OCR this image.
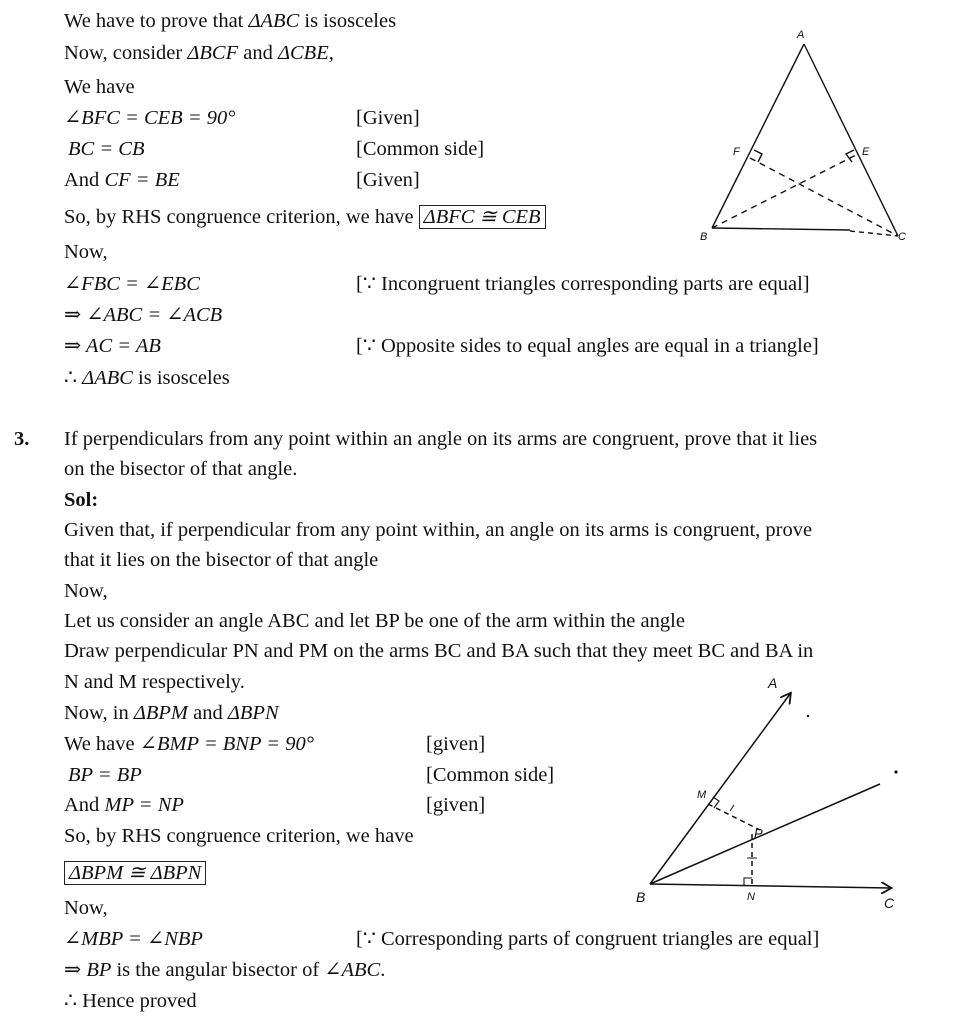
We have to prove that ΔABC is isosceles
Now, consider ΔBCF and ΔCBE,
We have
∠BFC = CEB = 90°	[Given]
BC = CB	[Common side]
And CF = BE	[Given]
So, by RHS congruence criterion, we have ΔBFC ≅ CEB
Now,
∠FBC = ∠EBC	[∵ Incongruent triangles corresponding parts are equal]
⇒ ∠ABC = ∠ACB
⇒ AC = AB	[∵ Opposite sides to equal angles are equal in a triangle]
∴ ΔABC is isosceles
A
B	C
E
F
3. If perpendiculars from any point within an angle on its arms are congruent, prove that it lies
on the bisector of that angle.
Sol:
Given that, if perpendicular from any point within, an angle on its arms is congruent, prove
that it lies on the bisector of that angle
Now,
Let us consider an angle ABC and let BP be one of the arm within the angle
Draw perpendicular PN and PM on the arms BC and BA such that they meet BC and BA in
N and M respectively.
Now, in ΔBPM and ΔBPN
We have ∠BMP = BNP = 90°	[given]
BP = BP	[Common side]
And MP = NP	[given]
So, by RHS congruence criterion, we have
ΔBPM ≅ ΔBPN
Now,
∠MBP = ∠NBP	[∵ Corresponding parts of congruent triangles are equal]
⇒ BP is the angular bisector of ∠ABC.
∴ Hence proved
A
B	C
M
N
P
